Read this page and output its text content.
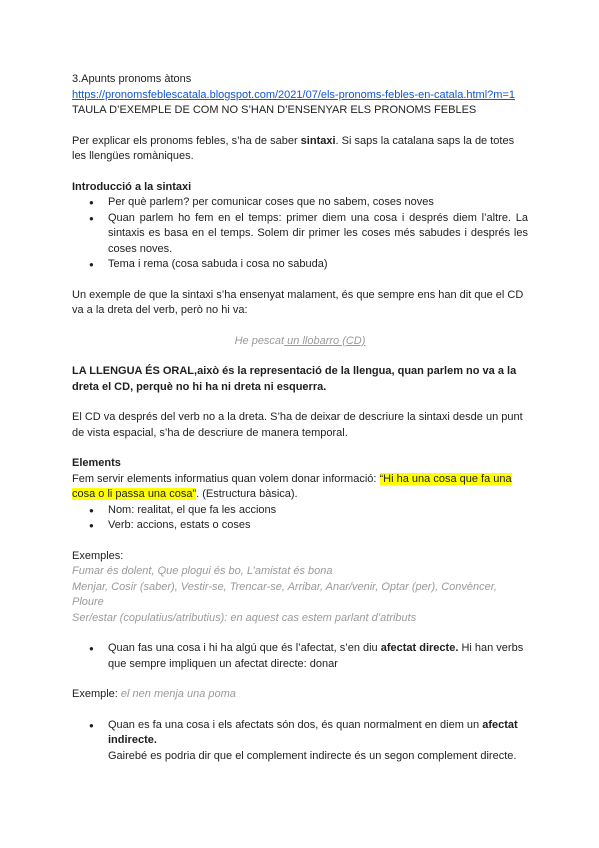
3.Apunts pronoms àtons

https://pronomsfeblescatala.blogspot.com/2021/07/els-pronoms-febles-en-catala.html?m=1

TAULA D’EXEMPLE DE COM NO S’HAN D’ENSENYAR ELS PRONOMS FEBLES

Per explicar els pronoms febles, s’ha de saber sintaxi. Si saps la catalana saps la de totes les llengües romàniques.

Introducció a la sintaxi

● Per què parlem? per comunicar coses que no sabem, coses noves
● Quan parlem ho fem en el temps: primer diem una cosa i després diem l’altre. La sintaxis es basa en el temps. Solem dir primer les coses més sabudes i després les coses noves.
● Tema i rema (cosa sabuda i cosa no sabuda)

Un exemple de que la sintaxi s’ha ensenyat malament, és que sempre ens han dit que el CD va a la dreta del verb, però no hi va:

He pescat un llobarro (CD)

LA LLENGUA ÉS ORAL,això és la representació de la llengua, quan parlem no va a la dreta el CD, perquè no hi ha ni dreta ni esquerra.

El CD va després del verb no a la dreta. S’ha de deixar de descriure la sintaxi desde un punt de vista espacial, s’ha de descriure de manera temporal.

Elements

Fem servir elements informatius quan volem donar informació: “Hi ha una cosa que fa una cosa o li passa una cosa”. (Estructura bàsica).

● Nom: realitat, el que fa les accions
● Verb: accions, estats o coses

Exemples:

Fumar és dolent, Que plogui és bo, L’amistat és bona

Menjar, Cosir (saber), Vestir-se, Trencar-se, Arribar, Anar/venir, Optar (per), Convèncer, Ploure

Ser/estar (copulatius/atributius): en aquest cas estem parlant d’atributs

● Quan fas una cosa i hi ha algú que és l’afectat, s’en diu afectat directe. Hi han verbs que sempre impliquen un afectat directe: donar

Exemple: el nen menja una poma

● Quan es fa una cosa i els afectats són dos, és quan normalment en diem un afectat indirecte.

Gairebé es podria dir que el complement indirecte és un segon complement directe.
